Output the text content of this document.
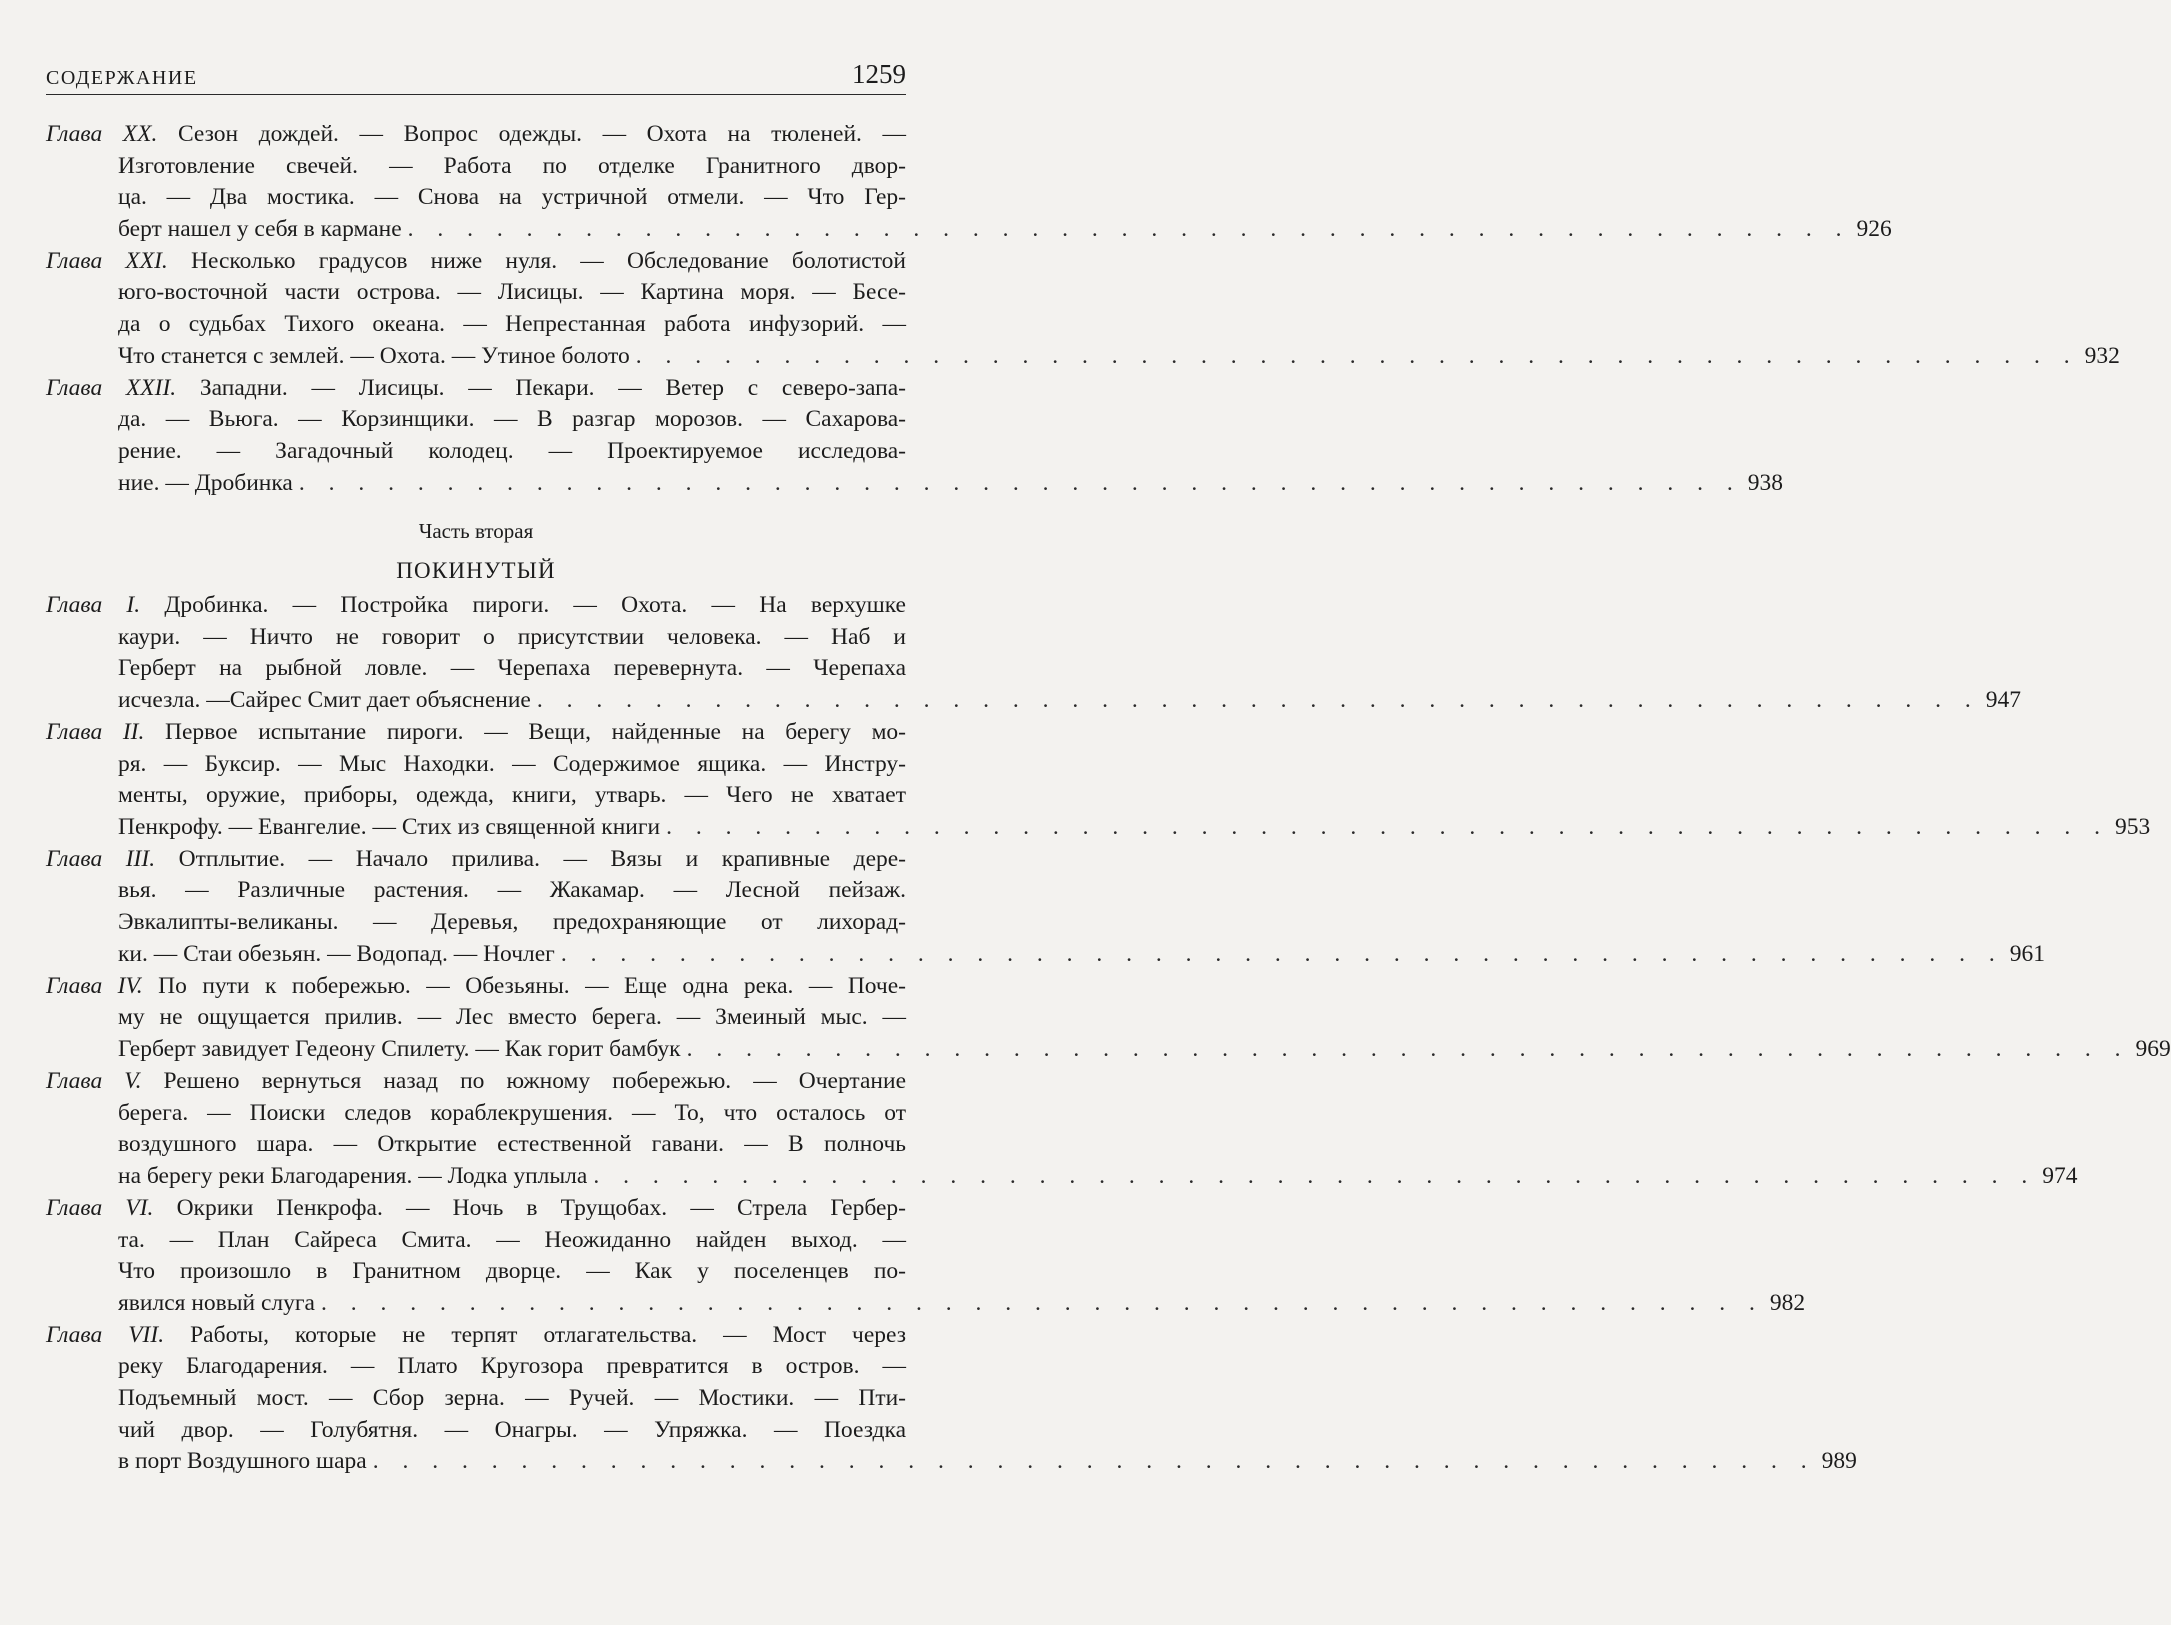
СОДЕРЖАНИЕ	1259
Глава XX. Сезон дождей. — Вопрос одежды. — Охота на тюленей. —
Изготовление свечей. — Работа по отделке Гранитного двор-
ца. — Два мостика. — Снова на устричной отмели. — Что Гер-
берт нашел у себя в кармане . . . . . . . . . . . . . . . . . . . . . . . . . . . . . . . . . . . . . . . . . . . . . . . . . 926
Глава XXI. Несколько градусов ниже нуля. — Обследование болотистой
юго-восточной части острова. — Лисицы. — Картина моря. — Бесе-
да о судьбах Тихого океана. — Непрестанная работа инфузорий. —
Что станется с землей. — Охота. — Утиное болото . . . . . . . . . . . . . . . . . . . . . . . . . . . . . . . . . . . . . . . . . . . . . . . . . 932
Глава XXII. Западни. — Лисицы. — Пекари. — Ветер с северо-запа-
да. — Вьюга. — Корзинщики. — В разгар морозов. — Сахарова-
рение. — Загадочный колодец. — Проектируемое исследова-
ние. — Дробинка . . . . . . . . . . . . . . . . . . . . . . . . . . . . . . . . . . . . . . . . . . . . . . . . . 938
Часть вторая
ПОКИНУТЫЙ
Глава I. Дробинка. — Постройка пироги. — Охота. — На верхушке
каури. — Ничто не говорит о присутствии человека. — Наб и
Герберт на рыбной ловле. — Черепаха перевернута. — Черепаха
исчезла. —Сайрес Смит дает объяснение . . . . . . . . . . . . . . . . . . . . . . . . . . . . . . . . . . . . . . . . . . . . . . . . . 947
Глава II. Первое испытание пироги. — Вещи, найденные на берегу мо-
ря. — Буксир. — Мыс Находки. — Содержимое ящика. — Инстру-
менты, оружие, приборы, одежда, книги, утварь. — Чего не хватает
Пенкрофу. — Евангелие. — Стих из священной книги . . . . . . . . . . . . . . . . . . . . . . . . . . . . . . . . . . . . . . . . . . . . . . . . . 953
Глава III. Отплытие. — Начало прилива. — Вязы и крапивные дере-
вья. — Различные растения. — Жакамар. — Лесной пейзаж.
Эвкалипты-великаны. — Деревья, предохраняющие от лихорад-
ки. — Стаи обезьян. — Водопад. — Ночлег . . . . . . . . . . . . . . . . . . . . . . . . . . . . . . . . . . . . . . . . . . . . . . . . . 961
Глава IV. По пути к побережью. — Обезьяны. — Еще одна река. — Поче-
му не ощущается прилив. — Лес вместо берега. — Змеиный мыс. —
Герберт завидует Гедеону Спилету. — Как горит бамбук . . . . . . . . . . . . . . . . . . . . . . . . . . . . . . . . . . . . . . . . . . . . . . . . . 969
Глава V. Решено вернуться назад по южному побережью. — Очертание
берега. — Поиски следов кораблекрушения. — То, что осталось от
воздушного шара. — Открытие естественной гавани. — В полночь
на берегу реки Благодарения. — Лодка уплыла . . . . . . . . . . . . . . . . . . . . . . . . . . . . . . . . . . . . . . . . . . . . . . . . . 974
Глава VI. Окрики Пенкрофа. — Ночь в Трущобах. — Стрела Гербер-
та. — План Сайреса Смита. — Неожиданно найден выход. —
Что произошло в Гранитном дворце. — Как у поселенцев по-
явился новый слуга . . . . . . . . . . . . . . . . . . . . . . . . . . . . . . . . . . . . . . . . . . . . . . . . . 982
Глава VII. Работы, которые не терпят отлагательства. — Мост через
реку Благодарения. — Плато Кругозора превратится в остров. —
Подъемный мост. — Сбор зерна. — Ручей. — Мостики. — Пти-
чий двор. — Голубятня. — Онагры. — Упряжка. — Поездка
в порт Воздушного шара . . . . . . . . . . . . . . . . . . . . . . . . . . . . . . . . . . . . . . . . . . . . . . . . . 989
